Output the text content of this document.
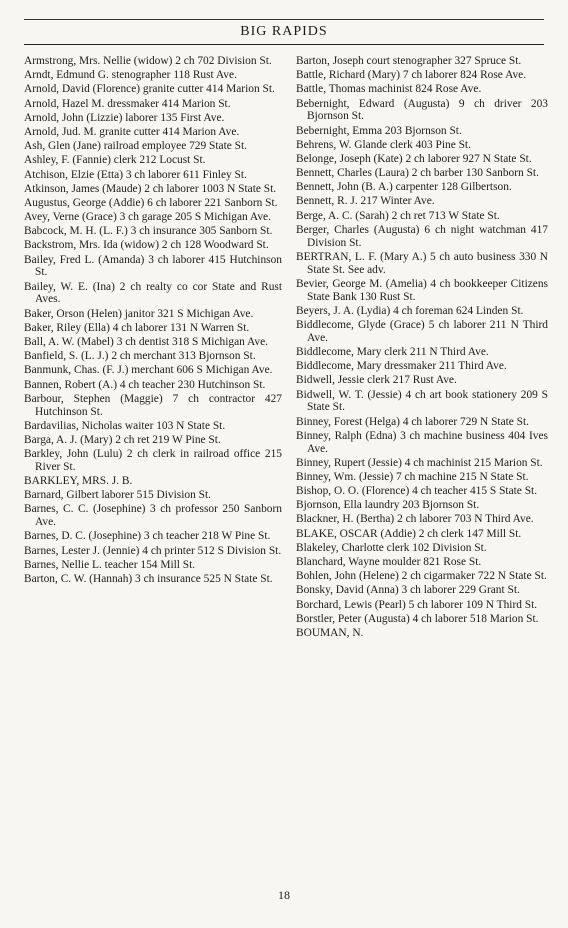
BIG RAPIDS
Armstrong, Mrs. Nellie (widow) 2 ch 702 Division St.
Arndt, Edmund G. stenographer 118 Rust Ave.
Arnold, David (Florence) granite cutter 414 Marion St.
Arnold, Hazel M. dressmaker 414 Marion St.
Arnold, John (Lizzie) laborer 135 First Ave.
Arnold, Jud. M. granite cutter 414 Marion Ave.
Ash, Glen (Jane) railroad employee 729 State St.
Ashley, F. (Fannie) clerk 212 Locust St.
Atchison, Elzie (Etta) 3 ch laborer 611 Finley St.
Atkinson, James (Maude) 2 ch laborer 1003 N State St.
Augustus, George (Addie) 6 ch laborer 221 Sanborn St.
Avey, Verne (Grace) 3 ch garage 205 S Michigan Ave.
Babcock, M. H. (L. F.) 3 ch insurance 305 Sanborn St.
Backstrom, Mrs. Ida (widow) 2 ch 128 Woodward St.
Bailey, Fred L. (Amanda) 3 ch laborer 415 Hutchinson St.
Bailey, W. E. (Ina) 2 ch realty co cor State and Rust Aves.
Baker, Orson (Helen) janitor 321 S Michigan Ave.
Baker, Riley (Ella) 4 ch laborer 131 N Warren St.
Ball, A. W. (Mabel) 3 ch dentist 318 S Michigan Ave.
Banfield, S. (L. J.) 2 ch merchant 313 Bjornson St.
Banmunk, Chas. (F. J.) merchant 606 S Michigan Ave.
Bannen, Robert (A.) 4 ch teacher 230 Hutchinson St.
Barbour, Stephen (Maggie) 7 ch contractor 427 Hutchinson St.
Bardavilias, Nicholas waiter 103 N State St.
Barga, A. J. (Mary) 2 ch ret 219 W Pine St.
Barkley, John (Lulu) 2 ch clerk in railroad office 215 River St.
BARKLEY, MRS. J. B.
Barnard, Gilbert laborer 515 Division St.
Barnes, C. C. (Josephine) 3 ch professor 250 Sanborn Ave.
Barnes, D. C. (Josephine) 3 ch teacher 218 W Pine St.
Barnes, Lester J. (Jennie) 4 ch printer 512 S Division St.
Barnes, Nellie L. teacher 154 Mill St.
Barton, C. W. (Hannah) 3 ch insurance 525 N State St.
Barton, Joseph court stenographer 327 Spruce St.
Battle, Richard (Mary) 7 ch laborer 824 Rose Ave.
Battle, Thomas machinist 824 Rose Ave.
Bebernight, Edward (Augusta) 9 ch driver 203 Bjornson St.
Bebernight, Emma 203 Bjornson St.
Behrens, W. Glande clerk 403 Pine St.
Belonge, Joseph (Kate) 2 ch laborer 927 N State St.
Bennett, Charles (Laura) 2 ch barber 130 Sanborn St.
Bennett, John (B. A.) carpenter 128 Gilbertson.
Bennett, R. J. 217 Winter Ave.
Berge, A. C. (Sarah) 2 ch ret 713 W State St.
Berger, Charles (Augusta) 6 ch night watchman 417 Division St.
BERTRAN, L. F. (Mary A.) 5 ch auto business 330 N State St. See adv.
Bevier, George M. (Amelia) 4 ch bookkeeper Citizens State Bank 130 Rust St.
Beyers, J. A. (Lydia) 4 ch foreman 624 Linden St.
Biddlecome, Glyde (Grace) 5 ch laborer 211 N Third Ave.
Biddlecome, Mary clerk 211 N Third Ave.
Biddlecome, Mary dressmaker 211 Third Ave.
Bidwell, Jessie clerk 217 Rust Ave.
Bidwell, W. T. (Jessie) 4 ch art book stationery 209 S State St.
Binney, Forest (Helga) 4 ch laborer 729 N State St.
Binney, Ralph (Edna) 3 ch machine business 404 Ives Ave.
Binney, Rupert (Jessie) 4 ch machinist 215 Marion St.
Binney, Wm. (Jessie) 7 ch machine 215 N State St.
Bishop, O. O. (Florence) 4 ch teacher 415 S State St.
Bjornson, Ella laundry 203 Bjornson St.
Blackner, H. (Bertha) 2 ch laborer 703 N Third Ave.
BLAKE, OSCAR (Addie) 2 ch clerk 147 Mill St.
Blakeley, Charlotte clerk 102 Division St.
Blanchard, Wayne moulder 821 Rose St.
Bohlen, John (Helene) 2 ch cigarmaker 722 N State St.
Bonsky, David (Anna) 3 ch laborer 229 Grant St.
Borchard, Lewis (Pearl) 5 ch laborer 109 N Third St.
Borstler, Peter (Augusta) 4 ch laborer 518 Marion St.
BOUMAN, N.
18
